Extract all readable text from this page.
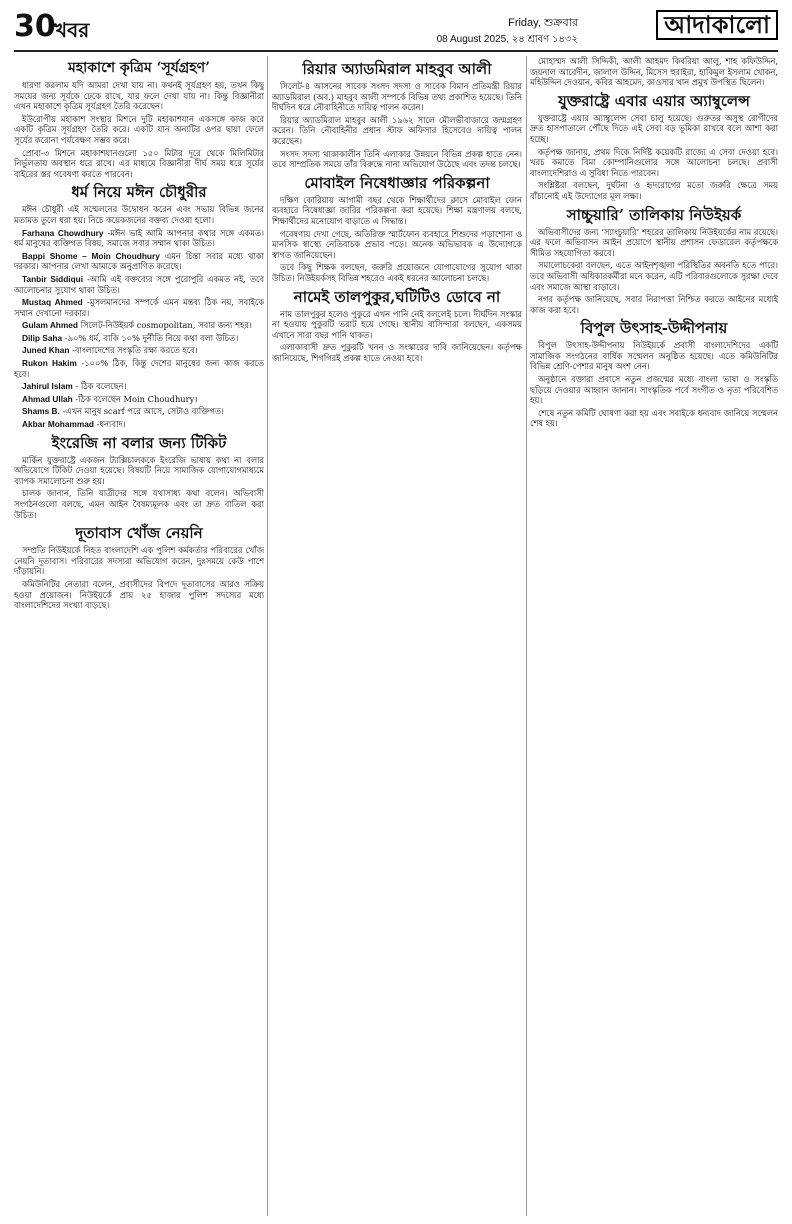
30
খবর	Friday, শুক্রবার
08 August 2025, ২৪ শ্রাবণ ১৪৩২
আদাকালো
মহাকাশে কৃত্রিম ‘সূর্যগ্রহণ’

ধারণা করলাম যদি আমরা দেখা যায় না। কথনই সূর্যগ্রহণ হয়, তখন কিছু সময়ের জন্য সূর্যকে ঢেকে রাখে, যার ফলে দেখা যায় না। কিন্তু বিজ্ঞানীরা এখন মহাকাশে কৃত্রিম সূর্যগ্রহণ তৈরি করেছেন।

ইউরোপীয় মহাকাশ সংস্থার মিশনে দুটি মহাকাশযান একসঙ্গে কাজ করে একটি কৃত্রিম সূর্যগ্রহণ তৈরি করে। একটি যান অন্যটির ওপর ছায়া ফেলে সূর্যের করোনা পর্যবেক্ষণ সম্ভব করে।

প্রোবা-৩ মিশনে মহাকাশযানগুলো ১৫০ মিটার দূরে থেকে মিলিমিটার নির্ভুলতায় অবস্থান ধরে রাখে। এর মাধ্যমে বিজ্ঞানীরা দীর্ঘ সময় ধরে সূর্যের বাইরের স্তর গবেষণা করতে পারবেন।

ধর্ম নিয়ে মঈন চৌধুরীর

মঈন চৌধুরী এই সম্মেলনের উদ্বোধন করেন এবং সভায় বিভিন্ন জনের মতামত তুলে ধরা হয়। নিচে কয়েকজনের বক্তব্য দেওয়া হলো।

Farhana Chowdhury -মঈন ভাই আমি আপনার কথার সঙ্গে একমত। ধর্ম মানুষের ব্যক্তিগত বিষয়, সমাজে সবার সম্মান থাকা উচিত।

Bappi Shome – Moin Choudhury এমন চিন্তা সবার মধ্যে থাকা দরকার। আপনার লেখা আমাকে অনুপ্রাণিত করেছে।

Tanbir Siddiqui -আমি এই বক্তব্যের সঙ্গে পুরোপুরি একমত নই, তবে আলোচনার সুযোগ থাকা উচিত।

Mustaq Ahmed -মুসলমানদের সম্পর্কে এমন মন্তব্য ঠিক নয়, সবাইকে সম্মান দেখানো দরকার।

Gulam Ahmed সিলেট-নিউইয়র্ক cosmopolitan, সবার জন্য শহর।

Dilip Saha -৯০% ধর্ম, বাকি ১০% দুর্নীতি নিয়ে কথা বলা উচিত।

Juned Khan -বাংলাদেশের সংস্কৃতি রক্ষা করতে হবে।

Rukon Hakim -১০০% ঠিক, কিন্তু দেশের মানুষের জন্য কাজ করতে হবে।

Jahirul Islam - ঠিক বলেছেন।

Ahmad Ullah -ঠিক বলেছেন Moin Choudhury।

Shams B. -এখন মানুষ scarf পরে আসে, সেটাও ব্যক্তিগত।

Akbar Mohammad -ধন্যবাদ।

ইংরেজি না বলার জন্য টিকিট

মার্কিন যুক্তরাষ্ট্রে একজন ট্যাক্সিচালককে ইংরেজি ভাষায় কথা না বলার অভিযোগে টিকিট দেওয়া হয়েছে। বিষয়টি নিয়ে সামাজিক যোগাযোগমাধ্যমে ব্যাপক সমালোচনা শুরু হয়।

চালক জানান, তিনি যাত্রীদের সঙ্গে যথাসাধ্য কথা বলেন। অভিবাসী সংগঠনগুলো বলছে, এমন আইন বৈষম্যমূলক এবং তা দ্রুত বাতিল করা উচিত।

দূতাবাস খোঁজ নেয়নি

সম্প্রতি নিউইয়র্কে নিহত বাংলাদেশি এক পুলিশ কর্মকর্তার পরিবারের খোঁজ নেয়নি দূতাবাস। পরিবারের সদস্যরা অভিযোগ করেন, দুঃসময়ে কেউ পাশে দাঁড়ায়নি।

কমিউনিটির নেতারা বলেন, প্রবাসীদের বিপদে দূতাবাসের আরও সক্রিয় হওয়া প্রয়োজন। নিউইয়র্কে প্রায় ২৫ হাজার পুলিশ সদস্যের মধ্যে বাংলাদেশিদের সংখ্যা বাড়ছে।

রিয়ার অ্যাডমিরাল মাহবুব আলী

সিলেট-৪ আসনের সাবেক সংসদ সদস্য ও সাবেক বিমান প্রতিমন্ত্রী রিয়ার অ্যাডমিরাল (অব.) মাহবুব আলী সম্পর্কে বিভিন্ন তথ্য প্রকাশিত হয়েছে। তিনি দীর্ঘদিন ধরে নৌবাহিনীতে দায়িত্ব পালন করেন।

রিয়ার অ্যাডমিরাল মাহবুব আলী ১৯৬২ সালে মৌলভীবাজারে জন্মগ্রহণ করেন। তিনি নৌবাহিনীর প্রধান স্টাফ অফিসার হিসেবেও দায়িত্ব পালন করেছেন।

সংসদ সদস্য থাকাকালীন তিনি এলাকার উন্নয়নে বিভিন্ন প্রকল্প হাতে নেন। তবে সাম্প্রতিক সময়ে তাঁর বিরুদ্ধে নানা অভিযোগ উঠেছে এবং তদন্ত চলছে।

মোবাইল নিষেধাজ্ঞার পরিকল্পনা

দক্ষিণ কোরিয়ায় আগামী বছর থেকে শিক্ষার্থীদের ক্লাসে মোবাইল ফোন ব্যবহারে নিষেধাজ্ঞা জারির পরিকল্পনা করা হয়েছে। শিক্ষা মন্ত্রণালয় বলছে, শিক্ষার্থীদের মনোযোগ বাড়াতে এ সিদ্ধান্ত।

গবেষণায় দেখা গেছে, অতিরিক্ত স্মার্টফোন ব্যবহারে শিশুদের পড়াশোনা ও মানসিক স্বাস্থ্যে নেতিবাচক প্রভাব পড়ে। অনেক অভিভাবক এ উদ্যোগকে স্বাগত জানিয়েছেন।

তবে কিছু শিক্ষক বলছেন, জরুরি প্রয়োজনে যোগাযোগের সুযোগ থাকা উচিত। নিউইয়র্কসহ বিভিন্ন শহরেও একই ধরনের আলোচনা চলছে।

নামেই তালপুকুর,ঘটিটিও ডোবে না

নাম তালপুকুর হলেও পুকুরে এখন পানি নেই বললেই চলে। দীর্ঘদিন সংস্কার না হওয়ায় পুকুরটি ভরাট হয়ে গেছে। স্থানীয় বাসিন্দারা বলছেন, একসময় এখানে সারা বছর পানি থাকত।

এলাকাবাসী দ্রুত পুকুরটি খনন ও সংস্কারের দাবি জানিয়েছেন। কর্তৃপক্ষ জানিয়েছে, শিগগিরই প্রকল্প হাতে নেওয়া হবে।

মোহাম্মদ আলী সিদ্দিকী, আলী আহমদ কিবরিয়া আলু, শাহ কফিউদ্দিন, জয়নাল আবেদীন, জালাল উদ্দিন, মিসেস হুরাইরা, হাকিমুল ইসলাম খোকন, মহিউদ্দিন দেওয়ান, কবির আহমেদ, কাওসার খান প্রমুখ উপস্থিত ছিলেন।

যুক্তরাষ্ট্রে এবার এয়ার অ্যাম্বুলেন্স

যুক্তরাষ্ট্রে এয়ার অ্যাম্বুলেন্স সেবা চালু হয়েছে। গুরুতর অসুস্থ রোগীদের দ্রুত হাসপাতালে পৌঁছে দিতে এই সেবা বড় ভূমিকা রাখবে বলে আশা করা হচ্ছে।

কর্তৃপক্ষ জানায়, প্রথম দিকে নির্দিষ্ট কয়েকটি রাজ্যে এ সেবা দেওয়া হবে। খরচ কমাতে বিমা কোম্পানিগুলোর সঙ্গে আলোচনা চলছে। প্রবাসী বাংলাদেশিরাও এ সুবিধা নিতে পারবেন।

সংশ্লিষ্টরা বলছেন, দুর্ঘটনা ও হৃদরোগের মতো জরুরি ক্ষেত্রে সময় বাঁচানোই এই উদ্যোগের মূল লক্ষ্য।

সাচ্চুয়ারি’ তালিকায় নিউইয়র্ক

অভিবাসীদের জন্য ‘স্যাংচুয়ারি’ শহরের তালিকায় নিউইয়র্কের নাম রয়েছে। এর ফলে অভিবাসন আইন প্রয়োগে স্থানীয় প্রশাসন ফেডারেল কর্তৃপক্ষকে সীমিত সহযোগিতা করবে।

সমালোচকেরা বলছেন, এতে আইনশৃঙ্খলা পরিস্থিতির অবনতি হতে পারে। তবে অভিবাসী অধিকারকর্মীরা মনে করেন, এটি পরিবারগুলোকে সুরক্ষা দেবে এবং সমাজে আস্থা বাড়াবে।

নগর কর্তৃপক্ষ জানিয়েছে, সবার নিরাপত্তা নিশ্চিত করতে আইনের মধ্যেই কাজ করা হবে।

বিপুল উৎসাহ-উদ্দীপনায়

বিপুল উৎসাহ-উদ্দীপনায় নিউইয়র্কে প্রবাসী বাংলাদেশিদের একটি সামাজিক সংগঠনের বার্ষিক সম্মেলন অনুষ্ঠিত হয়েছে। এতে কমিউনিটির বিভিন্ন শ্রেণি-পেশার মানুষ অংশ নেন।

অনুষ্ঠানে বক্তারা প্রবাসে নতুন প্রজন্মের মধ্যে বাংলা ভাষা ও সংস্কৃতি ছড়িয়ে দেওয়ার আহ্বান জানান। সাংস্কৃতিক পর্বে সংগীত ও নৃত্য পরিবেশিত হয়।

শেষে নতুন কমিটি ঘোষণা করা হয় এবং সবাইকে ধন্যবাদ জানিয়ে সম্মেলন শেষ হয়।
